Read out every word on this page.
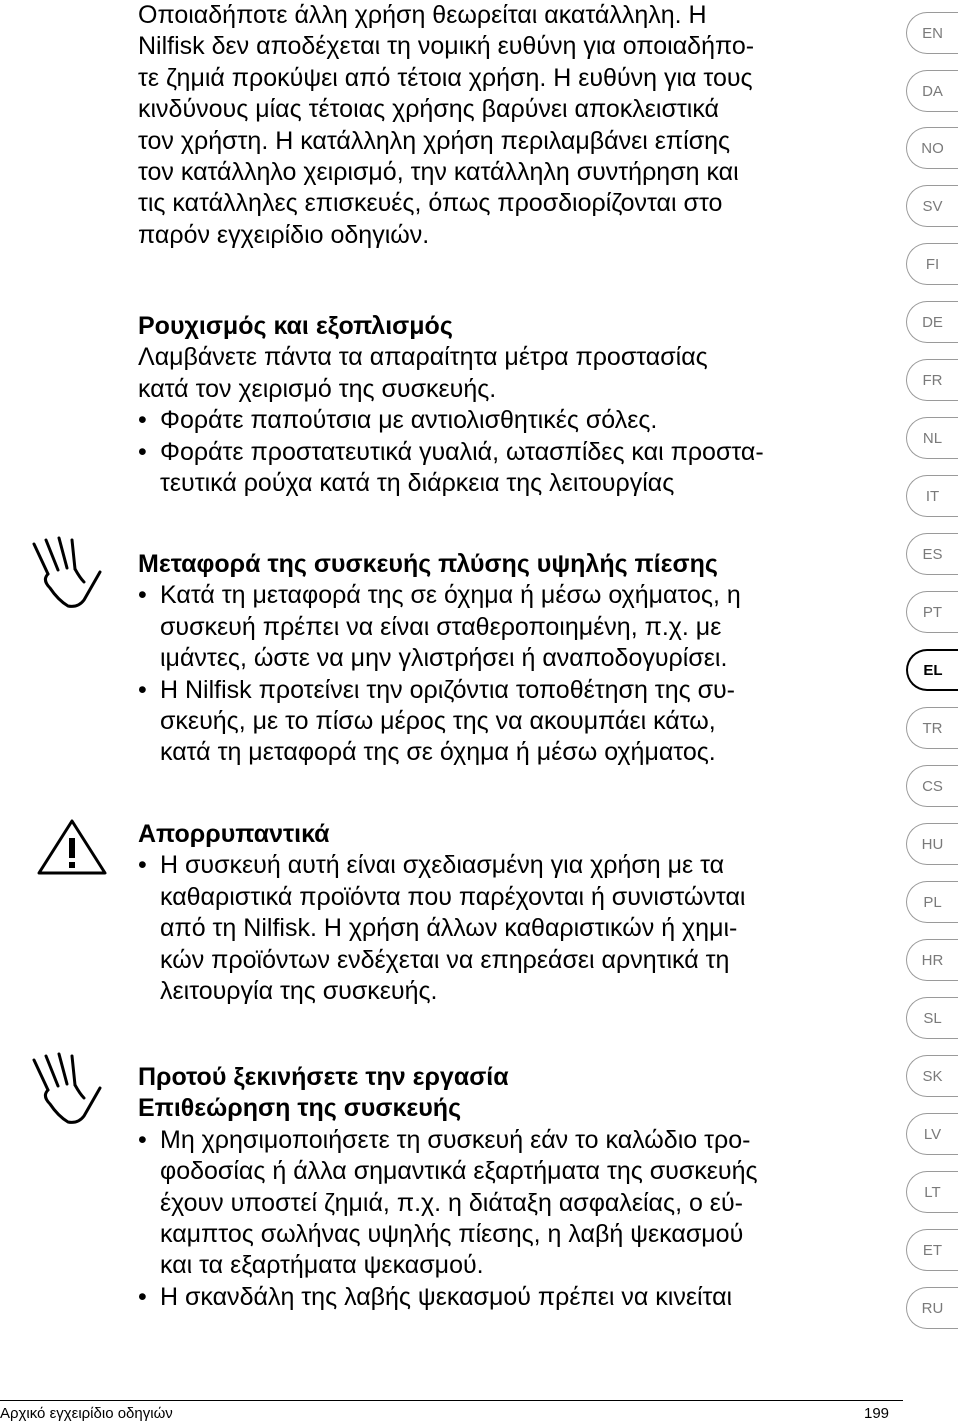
Οποιαδήποτε άλλη χρήση θεωρείται ακατάλληλη. Η

Nilfisk δεν αποδέχεται τη νομική ευθύνη για οποιαδήπο-

τε ζημιά προκύψει από τέτοια χρήση. Η ευθύνη για τους

κινδύνους μίας τέτοιας χρήσης βαρύνει αποκλειστικά

τον χρήστη. Η κατάλληλη χρήση περιλαμβάνει επίσης

τον κατάλληλο χειρισμό, την κατάλληλη συντήρηση και

τις κατάλληλες επισκευές, όπως προσδιορίζονται στο

παρόν εγχειρίδιο οδηγιών.

Ρουχισμός και εξοπλισμός

Λαμβάνετε πάντα τα απαραίτητα μέτρα προστασίας

κατά τον χειρισμό της συσκευής.

• Φοράτε παπούτσια με αντιολισθητικές σόλες.
• Φοράτε προστατευτικά γυαλιά, ωτασπίδες και προστα-
τευτικά ρούχα κατά τη διάρκεια της λειτουργίας

Μεταφορά της συσκευής πλύσης υψηλής πίεσης

• Κατά τη μεταφορά της σε όχημα ή μέσω οχήματος, η
συσκευή πρέπει να είναι σταθεροποιημένη, π.χ. με
ιμάντες, ώστε να μην γλιστρήσει ή αναποδογυρίσει.
• Η Nilfisk προτείνει την οριζόντια τοποθέτηση της συ-
σκευής, με το πίσω μέρος της να ακουμπάει κάτω,
κατά τη μεταφορά της σε όχημα ή μέσω οχήματος.

Απορρυπαντικά

• Η συσκευή αυτή είναι σχεδιασμένη για χρήση με τα
καθαριστικά προϊόντα που παρέχονται ή συνιστώνται
από τη Nilfisk. Η χρήση άλλων καθαριστικών ή χημι-
κών προϊόντων ενδέχεται να επηρεάσει αρνητικά τη
λειτουργία της συσκευής.

Προτού ξεκινήσετε την εργασία

Επιθεώρηση της συσκευής

• Μη χρησιμοποιήσετε τη συσκευή εάν το καλώδιο τρο-
φοδοσίας ή άλλα σημαντικά εξαρτήματα της συσκευής
έχουν υποστεί ζημιά, π.χ. η διάταξη ασφαλείας, ο εύ-
καμπτος σωλήνας υψηλής πίεσης, η λαβή ψεκασμού
και τα εξαρτήματα ψεκασμού.
• Η σκανδάλη της λαβής ψεκασμού πρέπει να κινείται
EN
DA
NO
SV
FI
DE
FR
NL
IT
ES
PT
EL
TR
CS
HU
PL
HR
SL
SK
LV
LT
ET
RU
Αρχικό εγχειρίδιο οδηγιών	199
